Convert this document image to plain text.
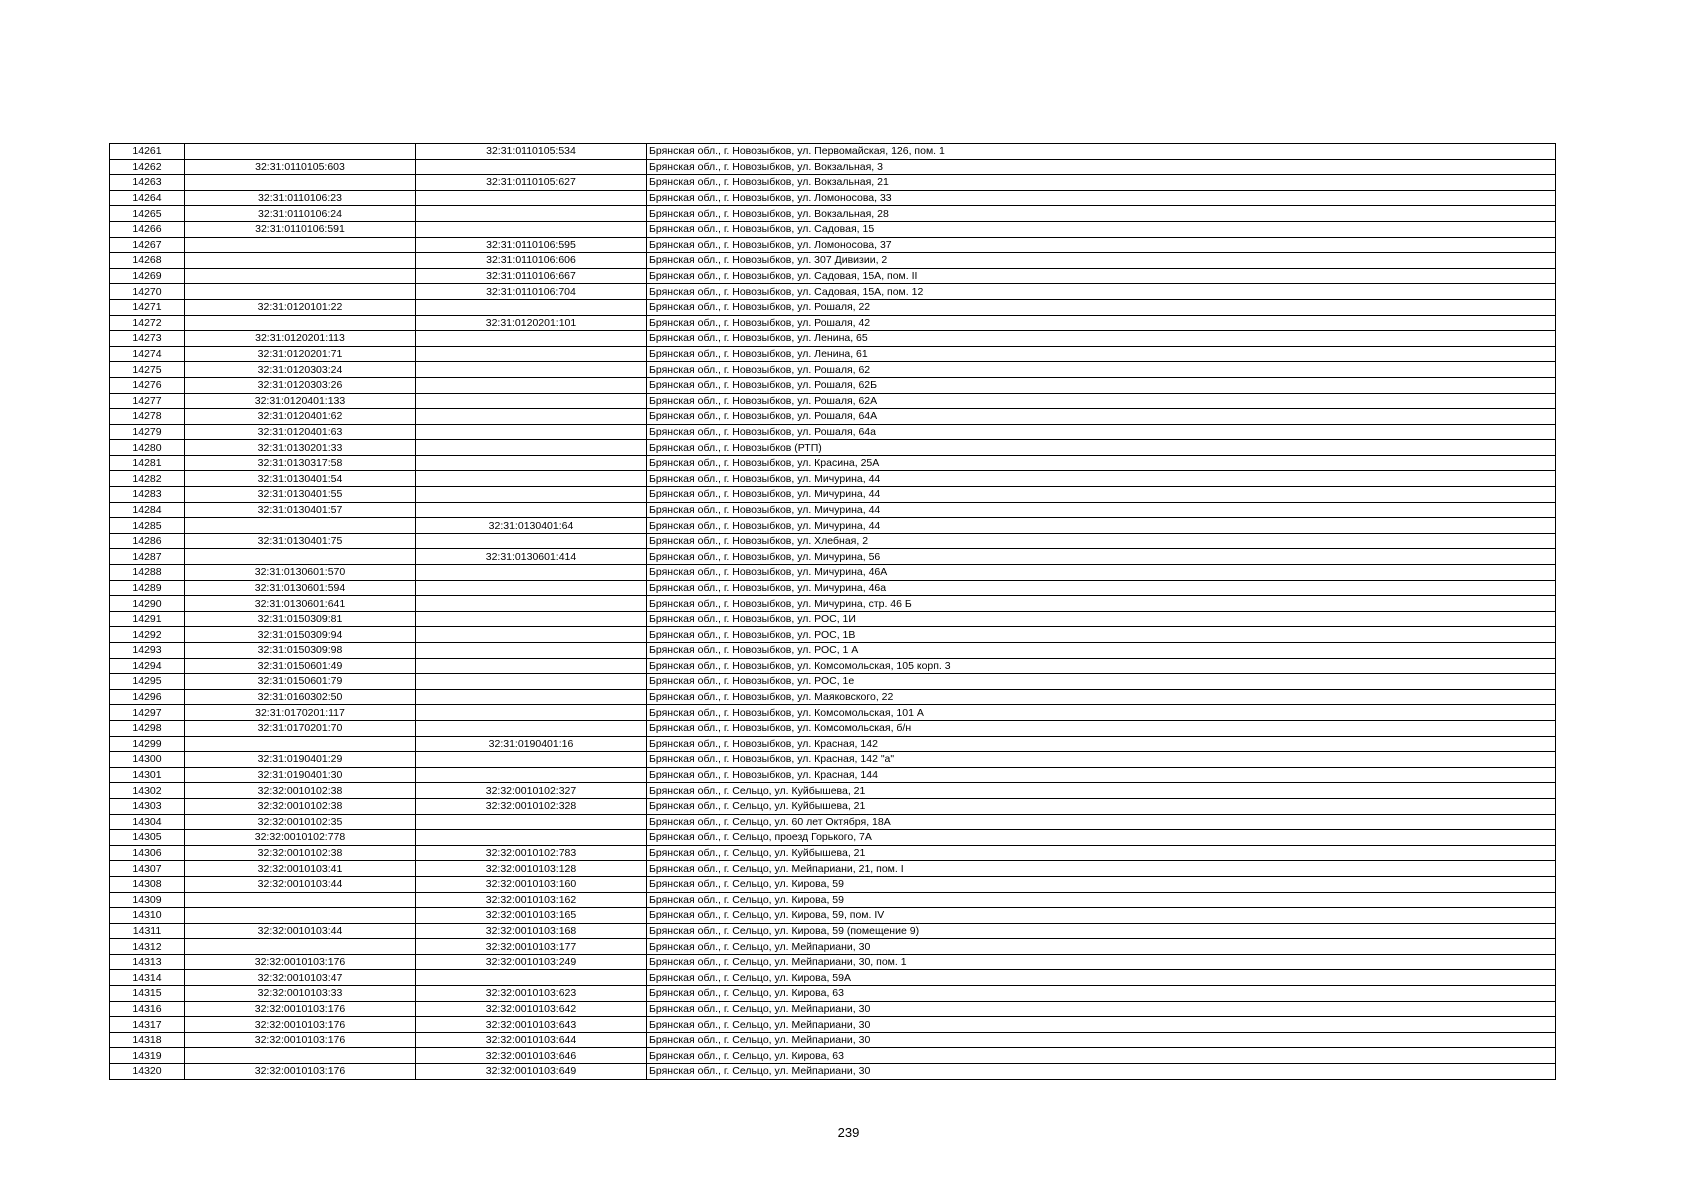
14261		32:31:0110105:534	Брянская обл., г. Новозыбков, ул. Первомайская, 126, пом. 1
14262	32:31:0110105:603		Брянская обл., г. Новозыбков, ул. Вокзальная, 3
14263		32:31:0110105:627	Брянская обл., г. Новозыбков, ул. Вокзальная, 21
14264	32:31:0110106:23		Брянская обл., г. Новозыбков, ул. Ломоносова, 33
14265	32:31:0110106:24		Брянская обл., г. Новозыбков, ул. Вокзальная, 28
14266	32:31:0110106:591		Брянская обл., г. Новозыбков, ул. Садовая, 15
14267		32:31:0110106:595	Брянская обл., г. Новозыбков, ул. Ломоносова, 37
14268		32:31:0110106:606	Брянская обл., г. Новозыбков, ул. 307 Дивизии, 2
14269		32:31:0110106:667	Брянская обл., г. Новозыбков, ул. Садовая, 15А, пом. II
14270		32:31:0110106:704	Брянская обл., г. Новозыбков, ул. Садовая, 15А, пом. 12
14271	32:31:0120101:22		Брянская обл., г. Новозыбков, ул. Рошаля, 22
14272		32:31:0120201:101	Брянская обл., г. Новозыбков, ул. Рошаля, 42
14273	32:31:0120201:113		Брянская обл., г. Новозыбков, ул. Ленина, 65
14274	32:31:0120201:71		Брянская обл., г. Новозыбков, ул. Ленина, 61
14275	32:31:0120303:24		Брянская обл., г. Новозыбков, ул. Рошаля, 62
14276	32:31:0120303:26		Брянская обл., г. Новозыбков, ул. Рошаля, 62Б
14277	32:31:0120401:133		Брянская обл., г. Новозыбков, ул. Рошаля, 62А
14278	32:31:0120401:62		Брянская обл., г. Новозыбков, ул. Рошаля, 64А
14279	32:31:0120401:63		Брянская обл., г. Новозыбков, ул. Рошаля, 64а
14280	32:31:0130201:33		Брянская обл., г. Новозыбков (РТП)
14281	32:31:0130317:58		Брянская обл., г. Новозыбков, ул. Красина, 25А
14282	32:31:0130401:54		Брянская обл., г. Новозыбков, ул. Мичурина, 44
14283	32:31:0130401:55		Брянская обл., г. Новозыбков, ул. Мичурина, 44
14284	32:31:0130401:57		Брянская обл., г. Новозыбков, ул. Мичурина, 44
14285		32:31:0130401:64	Брянская обл., г. Новозыбков, ул. Мичурина, 44
14286	32:31:0130401:75		Брянская обл., г. Новозыбков, ул. Хлебная, 2
14287		32:31:0130601:414	Брянская обл., г. Новозыбков, ул. Мичурина, 56
14288	32:31:0130601:570		Брянская обл., г. Новозыбков, ул. Мичурина, 46А
14289	32:31:0130601:594		Брянская обл., г. Новозыбков, ул. Мичурина, 46а
14290	32:31:0130601:641		Брянская обл., г. Новозыбков, ул. Мичурина, стр. 46 Б
14291	32:31:0150309:81		Брянская обл., г. Новозыбков, ул. РОС, 1И
14292	32:31:0150309:94		Брянская обл., г. Новозыбков, ул. РОС, 1В
14293	32:31:0150309:98		Брянская обл., г. Новозыбков, ул. РОС, 1 А
14294	32:31:0150601:49		Брянская обл., г. Новозыбков, ул. Комсомольская, 105 корп. 3
14295	32:31:0150601:79		Брянская обл., г. Новозыбков, ул. РОС, 1е
14296	32:31:0160302:50		Брянская обл., г. Новозыбков, ул. Маяковского, 22
14297	32:31:0170201:117		Брянская обл., г. Новозыбков, ул. Комсомольская, 101 А
14298	32:31:0170201:70		Брянская обл., г. Новозыбков, ул. Комсомольская, б/н
14299		32:31:0190401:16	Брянская обл., г. Новозыбков, ул. Красная, 142
14300	32:31:0190401:29		Брянская обл., г. Новозыбков, ул. Красная, 142 "а"
14301	32:31:0190401:30		Брянская обл., г. Новозыбков, ул. Красная, 144
14302	32:32:0010102:38	32:32:0010102:327	Брянская обл., г. Сельцо, ул. Куйбышева, 21
14303	32:32:0010102:38	32:32:0010102:328	Брянская обл., г. Сельцо, ул. Куйбышева, 21
14304	32:32:0010102:35		Брянская обл., г. Сельцо, ул. 60 лет Октября, 18А
14305	32:32:0010102:778		Брянская обл., г. Сельцо, проезд Горького, 7А
14306	32:32:0010102:38	32:32:0010102:783	Брянская обл., г. Сельцо, ул. Куйбышева, 21
14307	32:32:0010103:41	32:32:0010103:128	Брянская обл., г. Сельцо, ул. Мейпариани, 21, пом. I
14308	32:32:0010103:44	32:32:0010103:160	Брянская обл., г. Сельцо, ул. Кирова, 59
14309		32:32:0010103:162	Брянская обл., г. Сельцо, ул. Кирова, 59
14310		32:32:0010103:165	Брянская обл., г. Сельцо, ул. Кирова, 59, пом. IV
14311	32:32:0010103:44	32:32:0010103:168	Брянская обл., г. Сельцо, ул. Кирова, 59 (помещение 9)
14312		32:32:0010103:177	Брянская обл., г. Сельцо, ул. Мейпариани, 30
14313	32:32:0010103:176	32:32:0010103:249	Брянская обл., г. Сельцо, ул. Мейпариани, 30, пом. 1
14314	32:32:0010103:47		Брянская обл., г. Сельцо, ул. Кирова, 59А
14315	32:32:0010103:33	32:32:0010103:623	Брянская обл., г. Сельцо, ул. Кирова, 63
14316	32:32:0010103:176	32:32:0010103:642	Брянская обл., г. Сельцо, ул. Мейпариани, 30
14317	32:32:0010103:176	32:32:0010103:643	Брянская обл., г. Сельцо, ул. Мейпариани, 30
14318	32:32:0010103:176	32:32:0010103:644	Брянская обл., г. Сельцо, ул. Мейпариани, 30
14319		32:32:0010103:646	Брянская обл., г. Сельцо, ул. Кирова, 63
14320	32:32:0010103:176	32:32:0010103:649	Брянская обл., г. Сельцо, ул. Мейпариани, 30
239
